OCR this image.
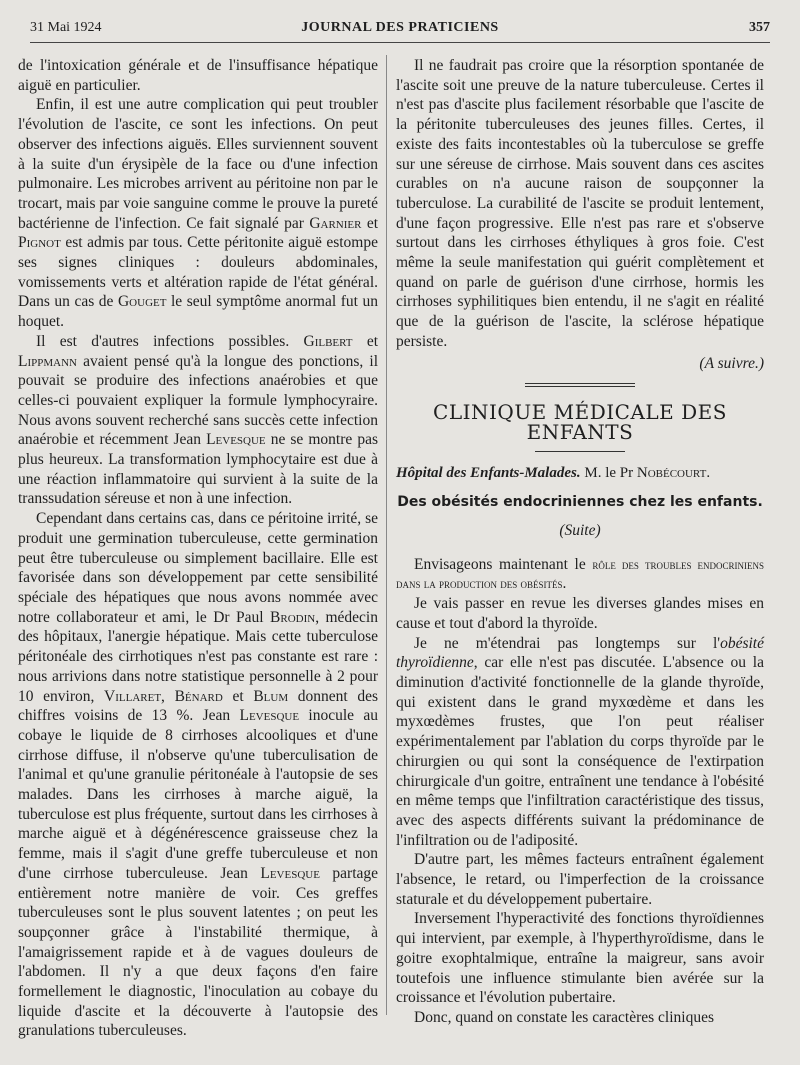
31 Mai 1924	JOURNAL DES PRATICIENS	357

de l'intoxication générale et de l'insuffisance hépatique aiguë en particulier.

Enfin, il est une autre complication qui peut troubler l'évolution de l'ascite, ce sont les infections. On peut observer des infections aiguës. Elles surviennent souvent à la suite d'un érysipèle de la face ou d'une infection pulmonaire. Les microbes arrivent au péritoine non par le trocart, mais par voie sanguine comme le prouve la pureté bactérienne de l'infection. Ce fait signalé par Garnier et Pignot est admis par tous. Cette péritonite aiguë estompe ses signes cliniques : douleurs abdominales, vomissements verts et altération rapide de l'état général. Dans un cas de Gouget le seul symptôme anormal fut un hoquet.

Il est d'autres infections possibles. Gilbert et Lippmann avaient pensé qu'à la longue des ponctions, il pouvait se produire des infections anaérobies et que celles-ci pouvaient expliquer la formule lymphocyraire. Nous avons souvent recherché sans succès cette infection anaérobie et récemment Jean Levesque ne se montre pas plus heureux. La transformation lymphocytaire est due à une réaction inflammatoire qui survient à la suite de la transsudation séreuse et non à une infection.

Cependant dans certains cas, dans ce péritoine irrité, se produit une germination tuberculeuse, cette germination peut être tuberculeuse ou simplement bacillaire. Elle est favorisée dans son développement par cette sensibilité spéciale des hépatiques que nous avons nommée avec notre collaborateur et ami, le Dr Paul Brodin, médecin des hôpitaux, l'anergie hépatique. Mais cette tuberculose péritonéale des cirrhotiques n'est pas constante est rare : nous arrivions dans notre statistique personnelle à 2 pour 10 environ, Villaret, Bénard et Blum donnent des chiffres voisins de 13 %. Jean Levesque inocule au cobaye le liquide de 8 cirrhoses alcooliques et d'une cirrhose diffuse, il n'observe qu'une tuberculisation de l'animal et qu'une granulie péritonéale à l'autopsie de ses malades. Dans les cirrhoses à marche aiguë, la tuberculose est plus fréquente, surtout dans les cirrhoses à marche aiguë et à dégénérescence graisseuse chez la femme, mais il s'agit d'une greffe tuberculeuse et non d'une cirrhose tuberculeuse. Jean Levesque partage entièrement notre manière de voir. Ces greffes tuberculeuses sont le plus souvent latentes ; on peut les soupçonner grâce à l'instabilité thermique, à l'amaigrissement rapide et à de vagues douleurs de l'abdomen. Il n'y a que deux façons d'en faire formellement le diagnostic, l'inoculation au cobaye du liquide d'ascite et la découverte à l'autopsie des granulations tuberculeuses.

Il ne faudrait pas croire que la résorption spontanée de l'ascite soit une preuve de la nature tuberculeuse. Certes il n'est pas d'ascite plus facilement résorbable que l'ascite de la péritonite tuberculeuses des jeunes filles. Certes, il existe des faits incontestables où la tuberculose se greffe sur une séreuse de cirrhose. Mais souvent dans ces ascites curables on n'a aucune raison de soupçonner la tuberculose. La curabilité de l'ascite se produit lentement, d'une façon progressive. Elle n'est pas rare et s'observe surtout dans les cirrhoses éthyliques à gros foie. C'est même la seule manifestation qui guérit complètement et quand on parle de guérison d'une cirrhose, hormis les cirrhoses syphilitiques bien entendu, il ne s'agit en réalité que de la guérison de l'ascite, la sclérose hépatique persiste.

(A suivre.)
CLINIQUE MÉDICALE DES ENFANTS
Hôpital des Enfants-Malades. M. le Pr Nobécourt.
Des obésités endocriniennes chez les enfants.
(Suite)

Envisageons maintenant le rôle des troubles endocriniens dans la production des obésités.

Je vais passer en revue les diverses glandes mises en cause et tout d'abord la thyroïde.

Je ne m'étendrai pas longtemps sur l'obésité thyroïdienne, car elle n'est pas discutée. L'absence ou la diminution d'activité fonctionnelle de la glande thyroïde, qui existent dans le grand myxœdème et dans les myxœdèmes frustes, que l'on peut réaliser expérimentalement par l'ablation du corps thyroïde par le chirurgien ou qui sont la conséquence de l'extirpation chirurgicale d'un goitre, entraînent une tendance à l'obésité en même temps que l'infiltration caractéristique des tissus, avec des aspects différents suivant la prédominance de l'infiltration ou de l'adiposité.

D'autre part, les mêmes facteurs entraînent également l'absence, le retard, ou l'imperfection de la croissance staturale et du développement pubertaire.

Inversement l'hyperactivité des fonctions thyroïdiennes qui intervient, par exemple, à l'hyperthyroïdisme, dans le goitre exophtalmique, entraîne la maigreur, sans avoir toutefois une influence stimulante bien avérée sur la croissance et l'évolution pubertaire.

Donc, quand on constate les caractères cliniques
